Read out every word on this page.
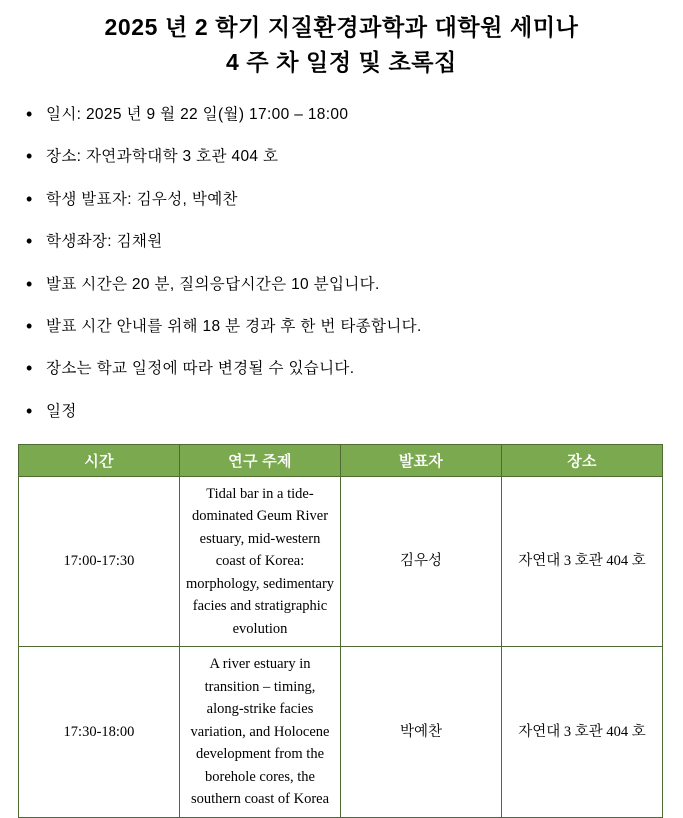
2025 년 2 학기 지질환경과학과 대학원 세미나
4 주 차 일정 및 초록집
• 일시: 2025 년 9 월 22 일(월) 17:00 – 18:00
• 장소: 자연과학대학 3 호관 404 호
• 학생 발표자: 김우성, 박예찬
• 학생좌장: 김채원
• 발표 시간은 20 분, 질의응답시간은 10 분입니다.
• 발표 시간 안내를 위해 18 분 경과 후 한 번 타종합니다.
• 장소는 학교 일정에 따라 변경될 수 있습니다.
• 일정
시간	연구 주제	발표자	장소
17:00-17:30	Tidal bar in a tide-dominated Geum River estuary, mid-western coast of Korea: morphology, sedimentary facies and stratigraphic evolution	김우성	자연대 3 호관 404 호
17:30-18:00	A river estuary in transition – timing, along-strike facies variation, and Holocene development from the borehole cores, the southern coast of Korea	박예찬	자연대 3 호관 404 호
